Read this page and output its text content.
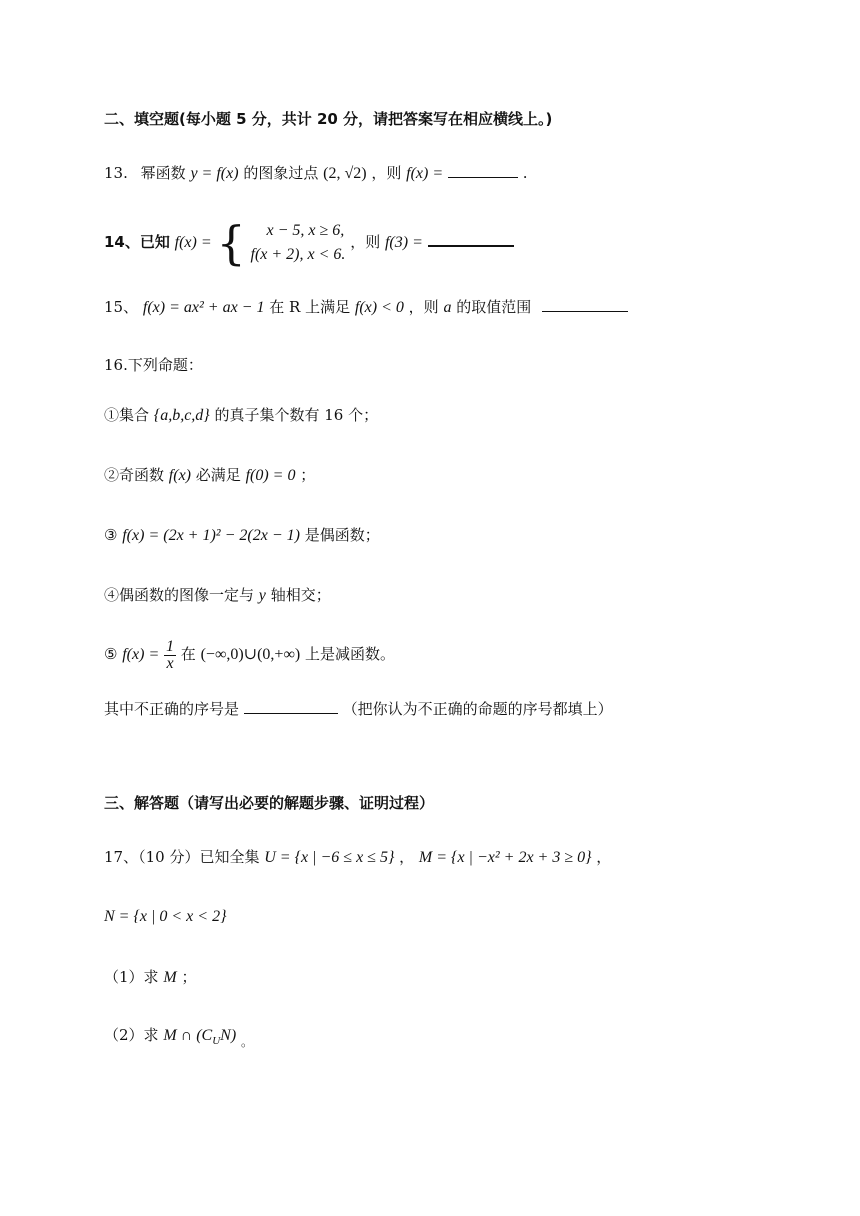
二、填空题(每小题 5 分，共计 20 分，请把答案写在相应横线上。)
13. 幂函数 y = f(x) 的图象过点 (2, √2) ，则 f(x) =	.
14、已知 f(x) = {	x − 5, x ≥ 6,
f(x + 2), x < 6.
，则 f(3) =
15、 f(x) = ax² + ax − 1 在 R 上满足 f(x) < 0 ，则 a 的取值范围
16.下列命题：
①集合 {a,b,c,d} 的真子集个数有 16 个；
②奇函数 f(x) 必满足 f(0) = 0 ；
③ f(x) = (2x + 1)² − 2(2x − 1) 是偶函数；
④偶函数的图像一定与 y 轴相交；
⑤ $f(x) = \frac{1}{x}$ 在 (−∞,0)∪(0,+∞) 上是减函数。
其中不正确的序号是	（把你认为不正确的命题的序号都填上）
三、解答题（请写出必要的解题步骤、证明过程）
17、（10 分）已知全集 U = {x | −6 ≤ x ≤ 5} ， M = {x | −x² + 2x + 3 ≥ 0} ，
N = {x | 0 < x < 2}
（1）求 M ；
（2）求 M ∩ $(C_UN)$ $_。$
